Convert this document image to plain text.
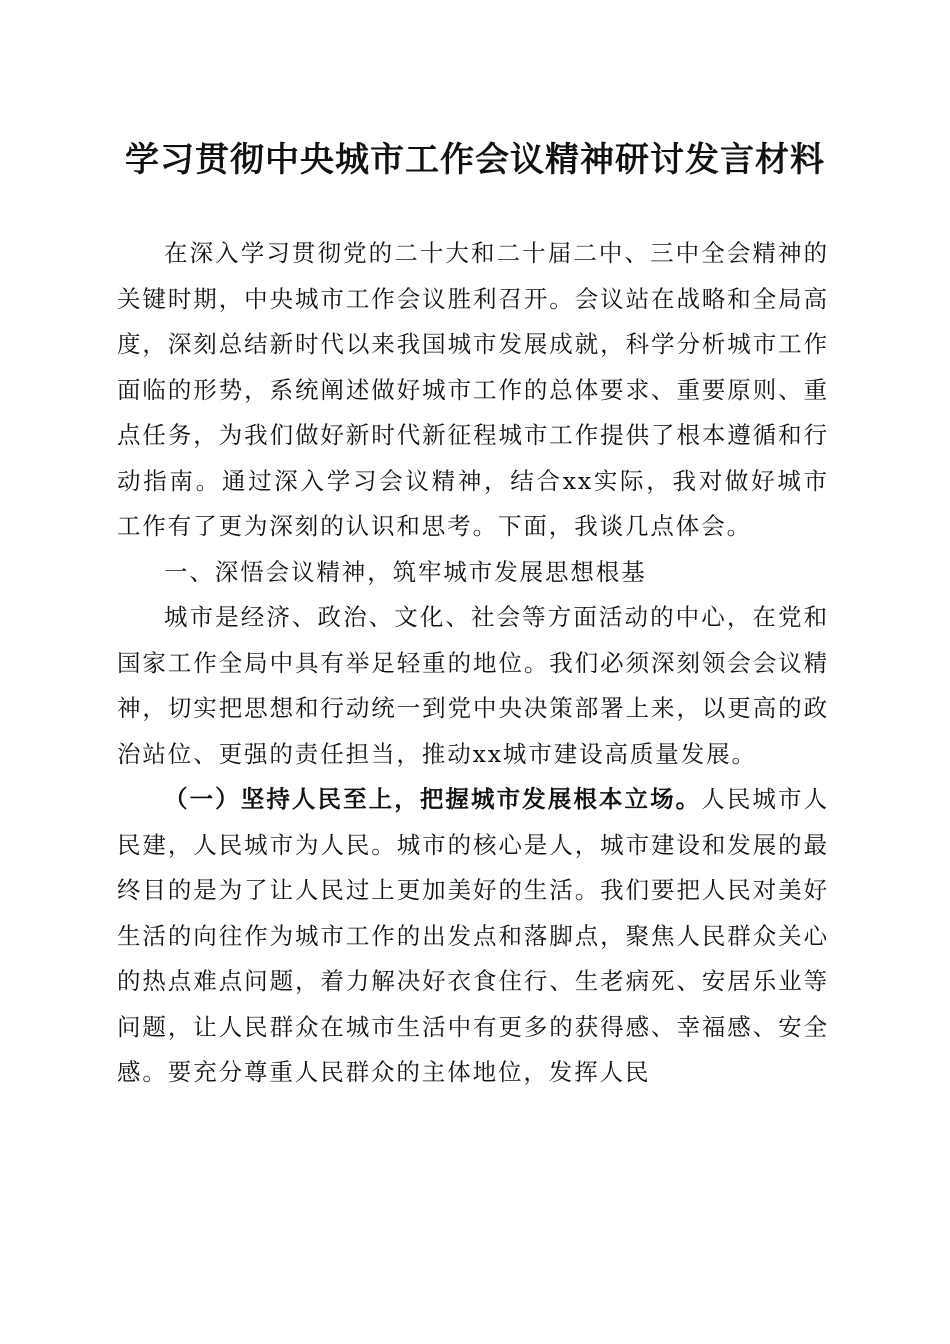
学习贯彻中央城市工作会议精神研讨发言材料

在深入学习贯彻党的二十大和二十届二中、三中全会精神的关键时期，中央城市工作会议胜利召开。会议站在战略和全局高度，深刻总结新时代以来我国城市发展成就，科学分析城市工作面临的形势，系统阐述做好城市工作的总体要求、重要原则、重点任务，为我们做好新时代新征程城市工作提供了根本遵循和行动指南。通过深入学习会议精神，结合xx实际，我对做好城市工作有了更为深刻的认识和思考。下面，我谈几点体会。

一、深悟会议精神，筑牢城市发展思想根基

城市是经济、政治、文化、社会等方面活动的中心，在党和国家工作全局中具有举足轻重的地位。我们必须深刻领会会议精神，切实把思想和行动统一到党中央决策部署上来，以更高的政治站位、更强的责任担当，推动xx城市建设高质量发展。

（一）坚持人民至上，把握城市发展根本立场。人民城市人民建，人民城市为人民。城市的核心是人，城市建设和发展的最终目的是为了让人民过上更加美好的生活。我们要把人民对美好生活的向往作为城市工作的出发点和落脚点，聚焦人民群众关心的热点难点问题，着力解决好衣食住行、生老病死、安居乐业等问题，让人民群众在城市生活中有更多的获得感、幸福感、安全感。要充分尊重人民群众的主体地位，发挥人民
